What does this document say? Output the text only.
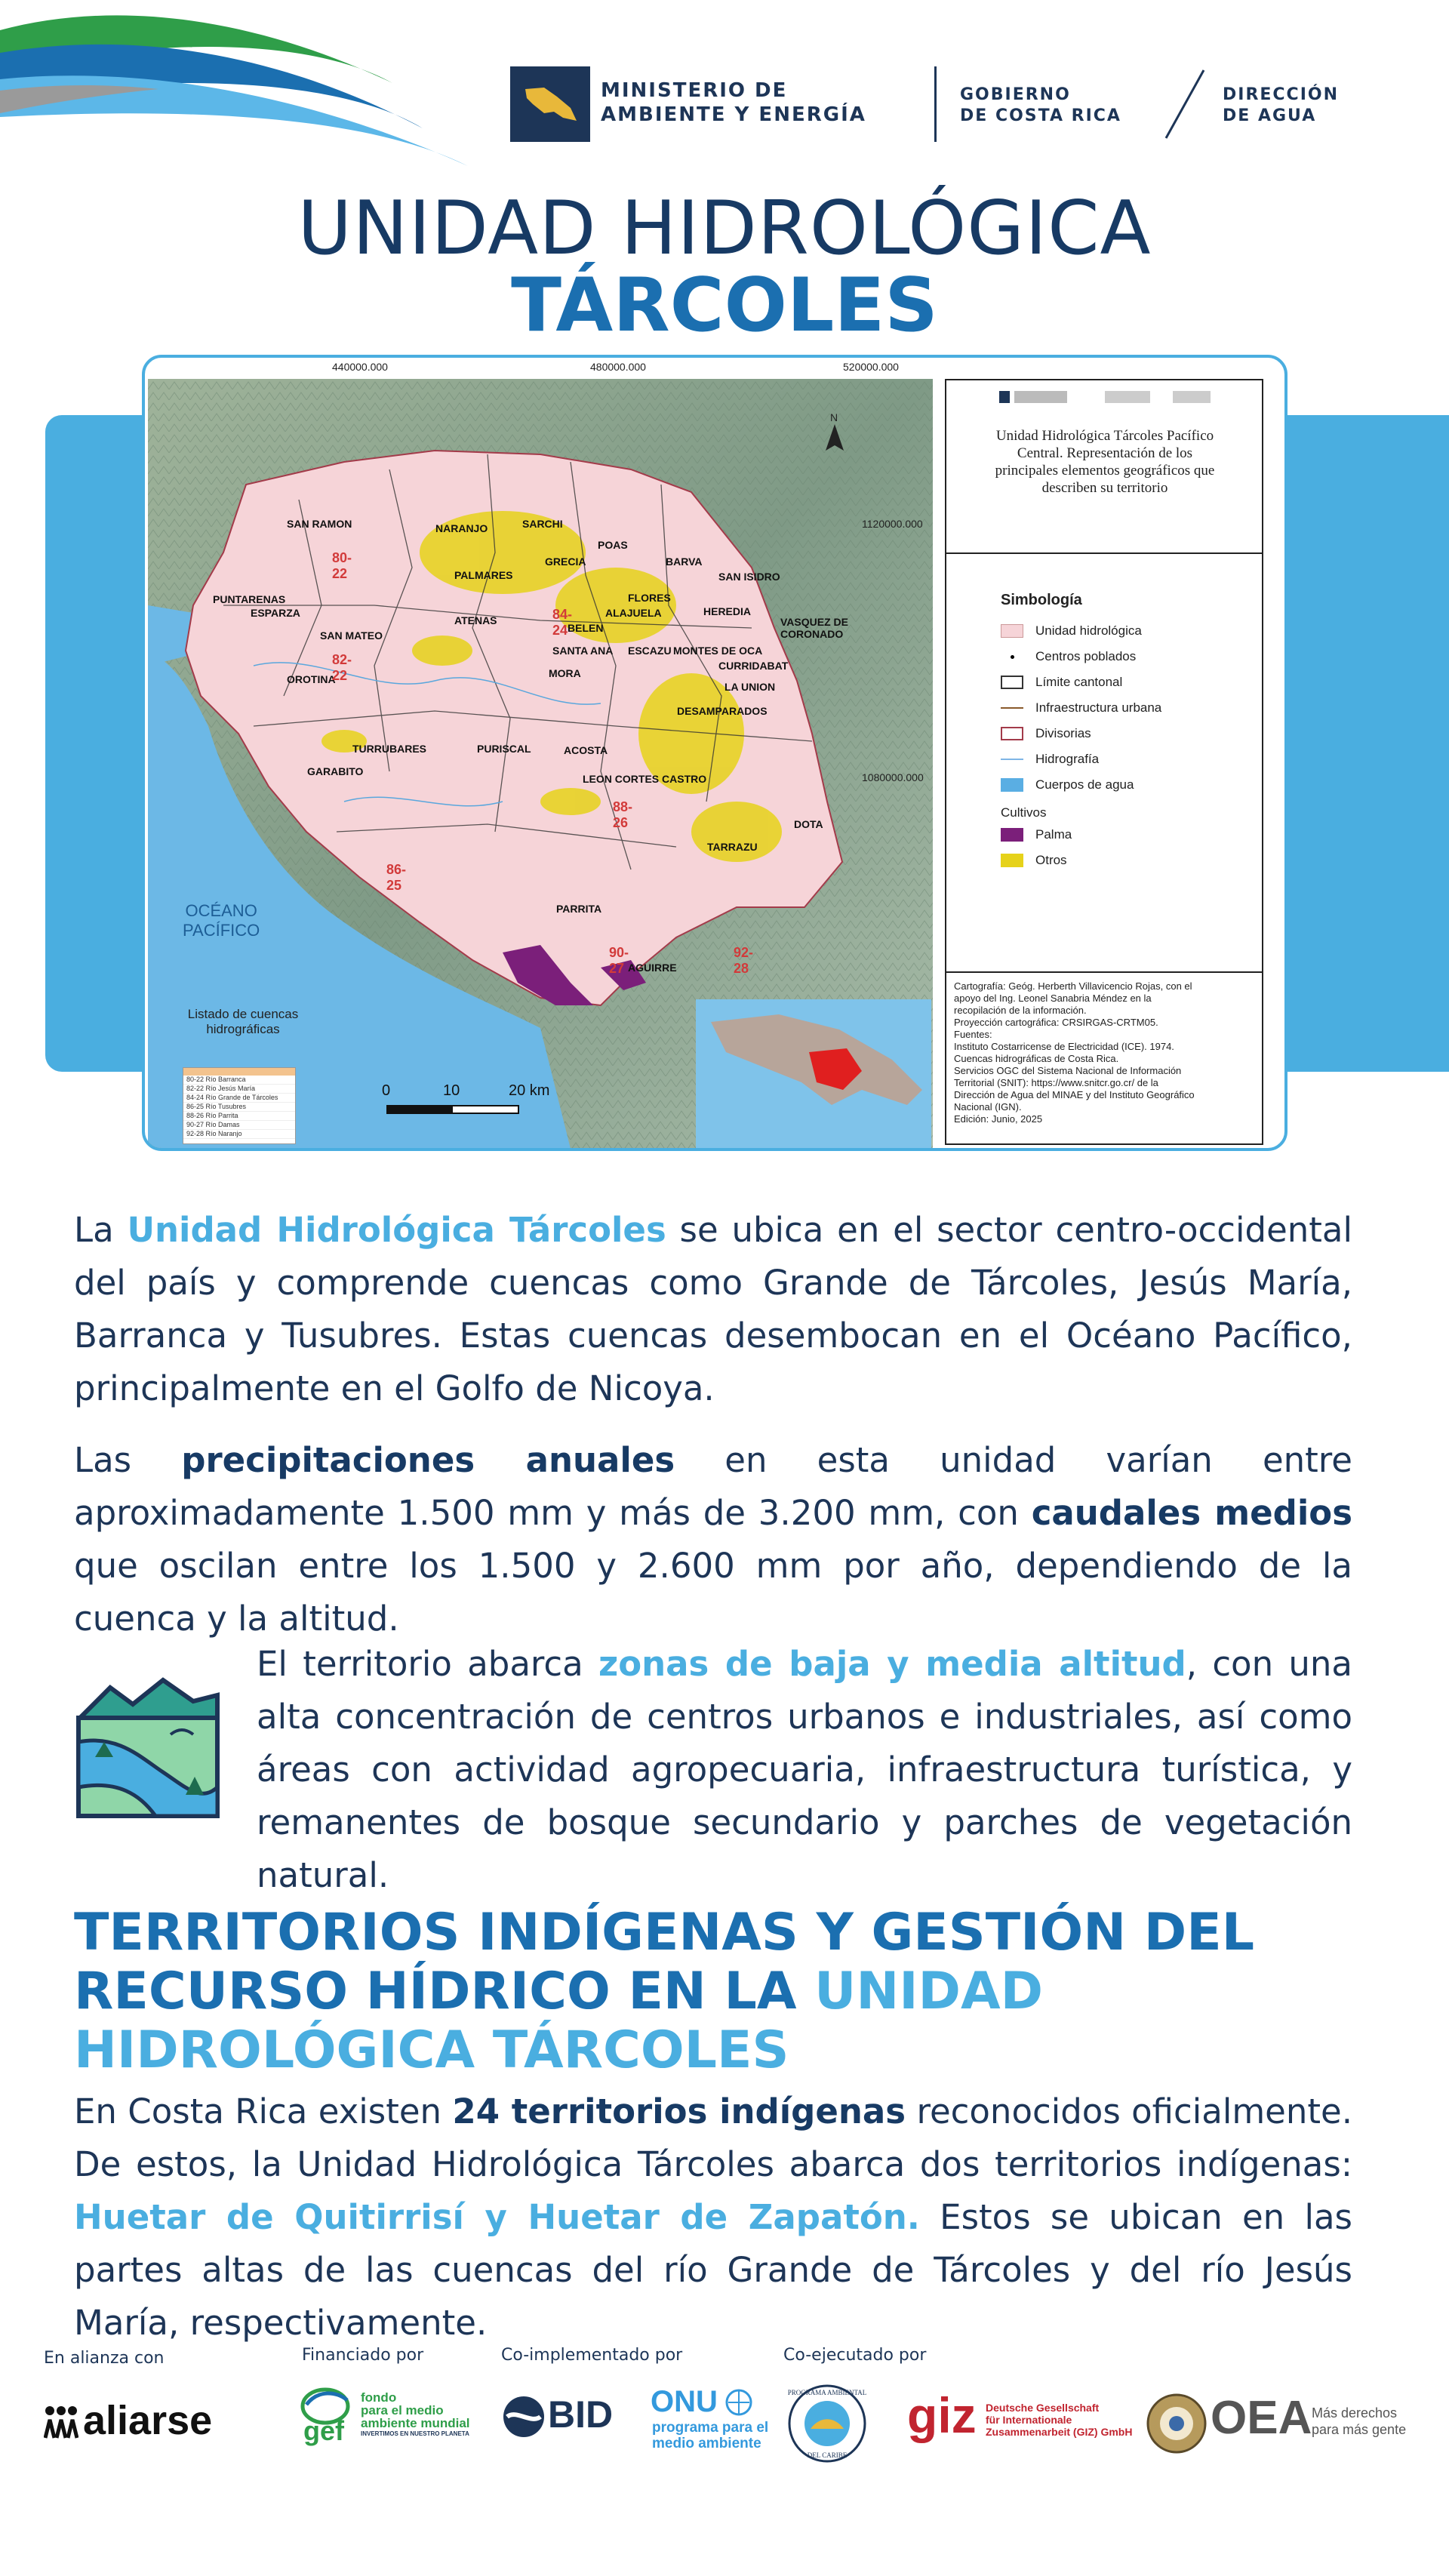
MINISTERIO DE
AMBIENTE Y ENERGÍA
GOBIERNO
DE COSTA RICA
DIRECCIÓN
DE AGUA
UNIDAD HIDROLÓGICA
TÁRCOLES
440000.000	480000.000	520000.000
N
SAN RAMON
PALMARES
NARANJO
GRECIA
SARCHI
POAS
ALAJUELA	HEREDIA
SAN ISIDRO
BARVA
FLORES
BELEN
SANTA ANA ESCAZU
MORA
ATENAS
OROTINA
SAN MATEO
ESPARZA
PUNTARENAS
GARABITO
TURRUBARES	PURISCAL	ACOSTA
DESAMPARADOS
CURRIDABAT
LA UNION
VASQUEZ DE CORONADO
MONTES DE OCA
LEON CORTES CASTRO
TARRAZU
DOTA
PARRITA
AGUIRRE
80-22
82-22
84-24
86-25
88-26
90-27
92-28
1120000.000
1080000.000
OCÉANO
PACÍFICO
Listado de cuencas
hidrográficas
80-22 Río Barranca
82-22 Río Jesús María
84-24 Río Grande de Tárcoles
86-25 Río Tusubres
88-26 Río Parrita
90-27 Río Damas
92-28 Río Naranjo
0	10	20 km
Unidad Hidrológica Tárcoles Pacífico Central. Representación de los principales elementos geográficos que describen su territorio
Simbología
Unidad hidrológica
Centros poblados
Límite cantonal
Infraestructura urbana
Divisorias
Hidrografía
Cuerpos de agua
Cultivos
Palma
Otros
Cartografía: Geóg. Herberth Villavicencio Rojas, con el
apoyo del Ing. Leonel Sanabria Méndez en la
recopilación de la información.
Proyección cartográfica: CRSIRGAS-CRTM05.
Fuentes:
Instituto Costarricense de Electricidad (ICE). 1974.
Cuencas hidrográficas de Costa Rica.
Servicios OGC del Sistema Nacional de Información
Territorial (SNIT): https://www.snitcr.go.cr/ de la
Dirección de Agua del MINAE y del Instituto Geográfico
Nacional (IGN).
Edición: Junio, 2025
La Unidad Hidrológica Tárcoles se ubica en el sector centro-occidental del país y comprende cuencas como Grande de Tárcoles, Jesús María, Barranca y Tusubres. Estas cuencas desembocan en el Océano Pacífico, principalmente en el Golfo de Nicoya.
Las precipitaciones anuales en esta unidad varían entre aproximadamente 1.500 mm y más de 3.200 mm, con caudales medios que oscilan entre los 1.500 y 2.600 mm por año, dependiendo de la cuenca y la altitud.
El territorio abarca zonas de baja y media altitud, con una alta concentración de centros urbanos e industriales, así como áreas con actividad agropecuaria, infraestructura turística, y remanentes de bosque secundario y parches de vegetación natural.
TERRITORIOS INDÍGENAS Y GESTIÓN DEL RECURSO HÍDRICO EN LA UNIDAD HIDROLÓGICA TÁRCOLES
En Costa Rica existen 24 territorios indígenas reconocidos oficialmente. De estos, la Unidad Hidrológica Tárcoles abarca dos territorios indígenas: Huetar de Quitirrisí y Huetar de Zapatón. Estos se ubican en las partes altas de las cuencas del río Grande de Tárcoles y del río Jesús María, respectivamente.
En alianza con	Financiado por	Co-implementado por	Co-ejecutado por
aliarse	gef
fondo
para el medio
ambiente mundial
INVERTIMOS EN NUESTRO PLANETA BID ONU
programa para el
medio ambiente
PROGRAMA AMBIENTAL
DEL CARIBE
giz Deutsche Gesellschaft
für Internationale
Zusammenarbeit (GIZ) GmbH OEA Más derechos
para más gente
